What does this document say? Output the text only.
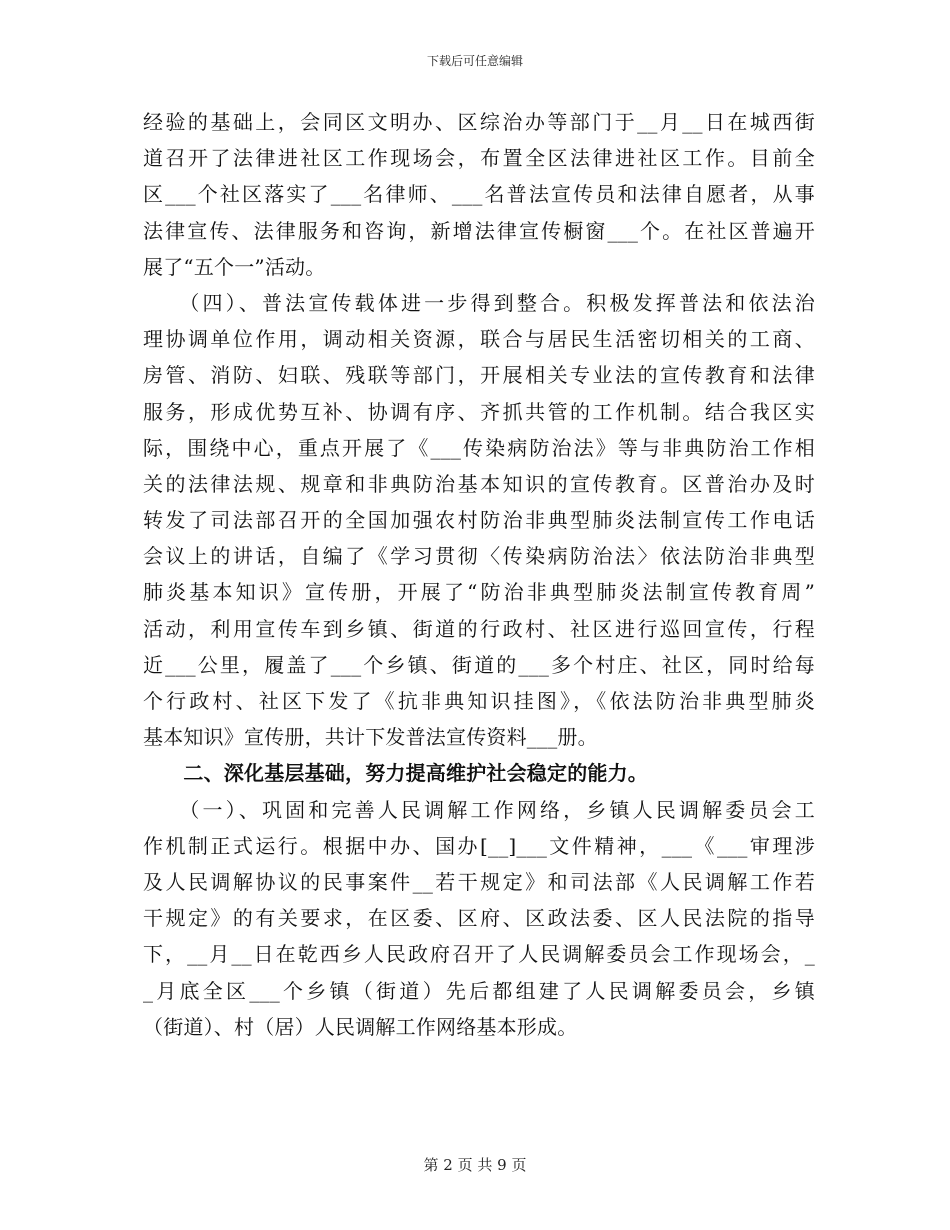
下载后可任意编辑
经验的基础上，会同区文明办、区综治办等部门于__月__日在城西街
道召开了法律进社区工作现场会，布置全区法律进社区工作。目前全
区___个社区落实了___名律师、___名普法宣传员和法律自愿者，从事
法律宣传、法律服务和咨询，新增法律宣传橱窗___个。在社区普遍开
展了“五个一”活动。
　　（四）、普法宣传载体进一步得到整合。积极发挥普法和依法治
理协调单位作用，调动相关资源，联合与居民生活密切相关的工商、
房管、消防、妇联、残联等部门，开展相关专业法的宣传教育和法律
服务，形成优势互补、协调有序、齐抓共管的工作机制。结合我区实
际，围绕中心，重点开展了《___传染病防治法》等与非典防治工作相
关的法律法规、规章和非典防治基本知识的宣传教育。区普治办及时
转发了司法部召开的全国加强农村防治非典型肺炎法制宣传工作电话
会议上的讲话，自编了《学习贯彻〈传染病防治法〉依法防治非典型
肺炎基本知识》宣传册，开展了“防治非典型肺炎法制宣传教育周”
活动，利用宣传车到乡镇、街道的行政村、社区进行巡回宣传，行程
近___公里，履盖了___个乡镇、街道的___多个村庄、社区，同时给每
个行政村、社区下发了《抗非典知识挂图》，《依法防治非典型肺炎
基本知识》宣传册，共计下发普法宣传资料___册。
　　二、深化基层基础，努力提高维护社会稳定的能力。
　　（一）、巩固和完善人民调解工作网络，乡镇人民调解委员会工
作机制正式运行。根据中办、国办[__]___文件精神，___《___审理涉
及人民调解协议的民事案件__若干规定》和司法部《人民调解工作若
干规定》的有关要求，在区委、区府、区政法委、区人民法院的指导
下，__月__日在乾西乡人民政府召开了人民调解委员会工作现场会，_
_月底全区___个乡镇（街道）先后都组建了人民调解委员会，乡镇
（街道）、村（居）人民调解工作网络基本形成。
第 2 页 共 9 页
